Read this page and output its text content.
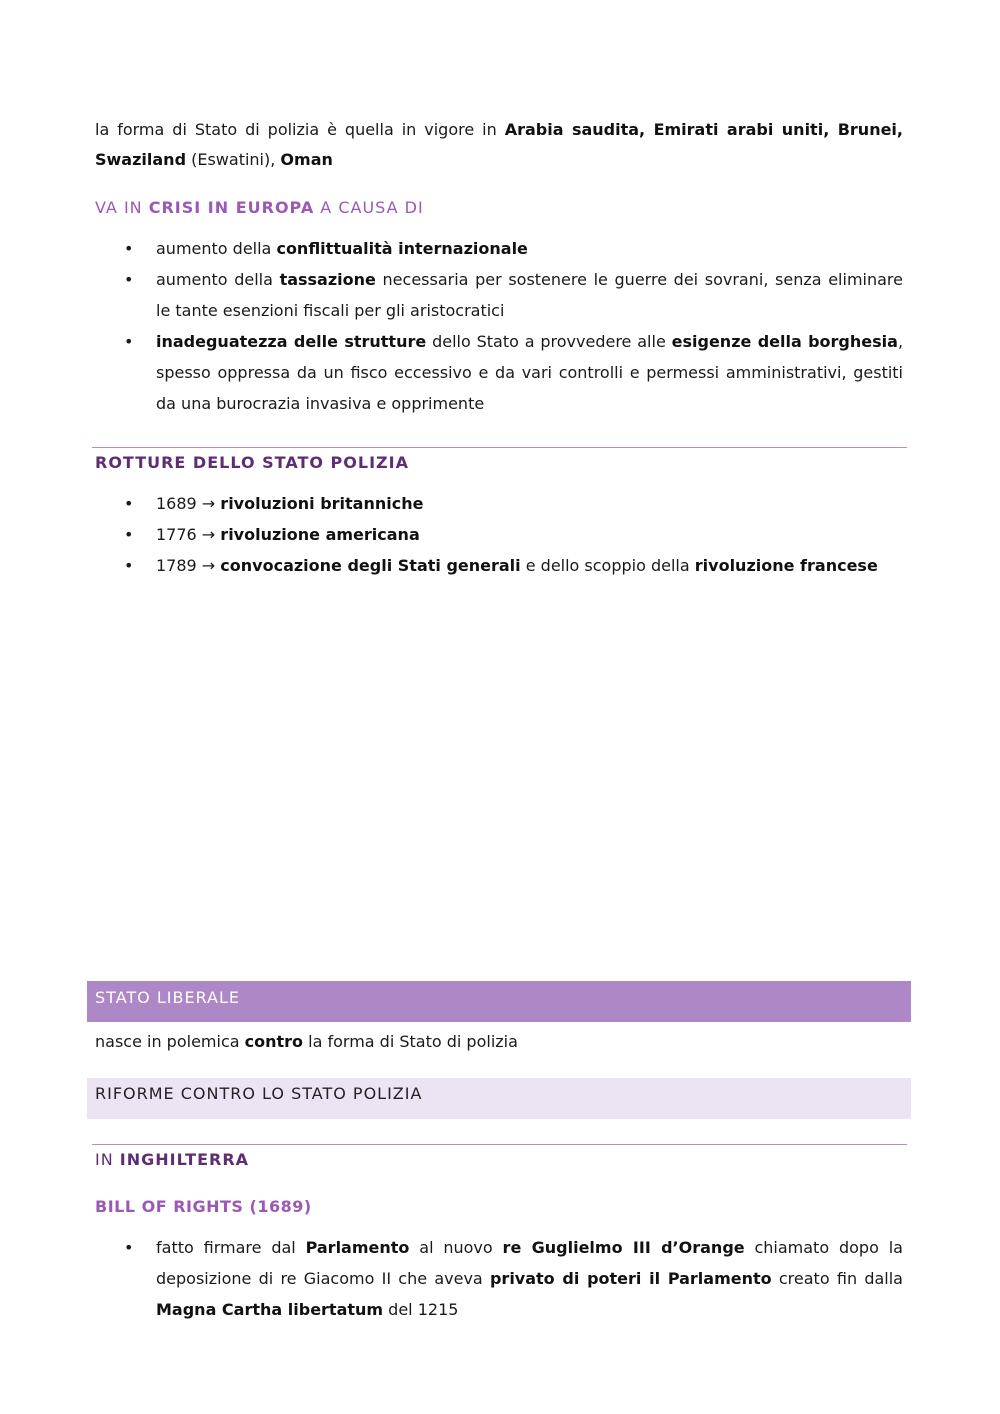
la forma di Stato di polizia è quella in vigore in Arabia saudita, Emirati arabi uniti, Brunei, Swaziland (Eswatini), Oman
VA IN CRISI IN EUROPA A CAUSA DI
• aumento della conflittualità internazionale
• aumento della tassazione necessaria per sostenere le guerre dei sovrani, senza eliminare le tante esenzioni fiscali per gli aristocratici
• inadeguatezza delle strutture dello Stato a provvedere alle esigenze della borghesia, spesso oppressa da un fisco eccessivo e da vari controlli e permessi amministrativi, gestiti da una burocrazia invasiva e opprimente
ROTTURE DELLO STATO POLIZIA
• 1689 → rivoluzioni britanniche
• 1776 → rivoluzione americana
• 1789 → convocazione degli Stati generali e dello scoppio della rivoluzione francese
STATO LIBERALE
nasce in polemica contro la forma di Stato di polizia
RIFORME CONTRO LO STATO POLIZIA
IN INGHILTERRA
BILL OF RIGHTS (1689)
• fatto firmare dal Parlamento al nuovo re Guglielmo III d’Orange chiamato dopo la deposizione di re Giacomo II che aveva privato di poteri il Parlamento creato fin dalla Magna Cartha libertatum del 1215
